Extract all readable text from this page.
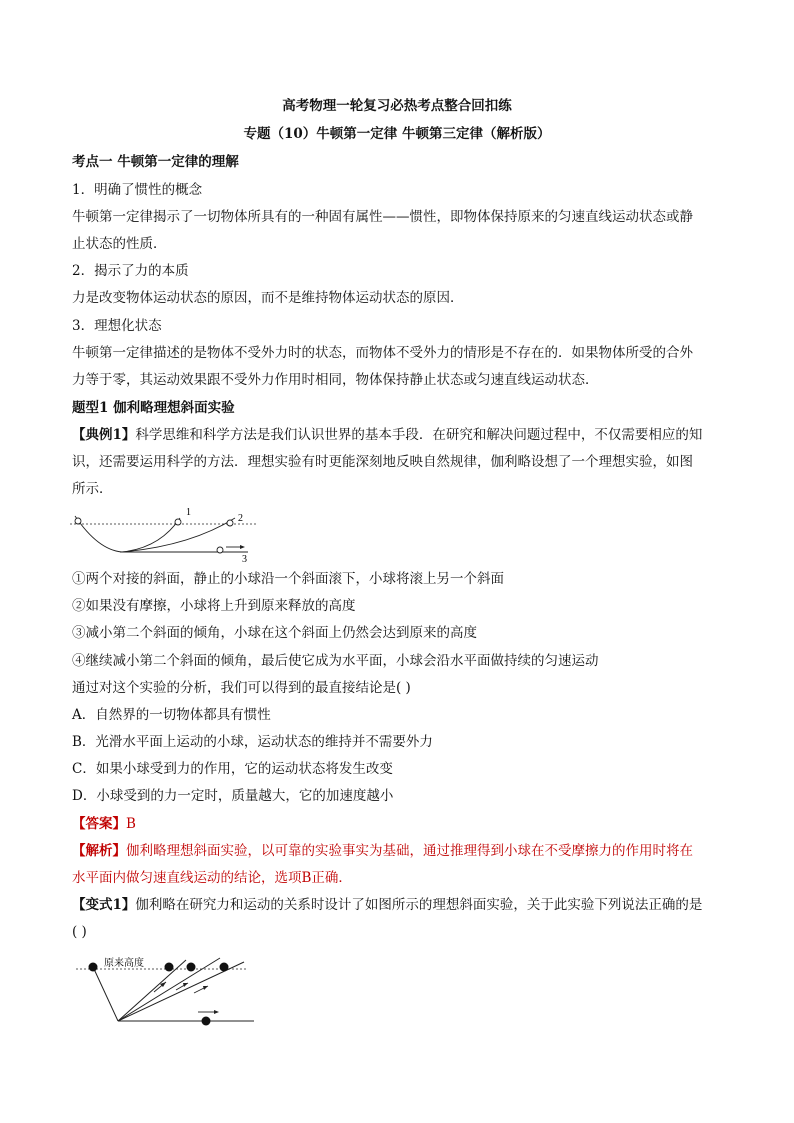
高考物理一轮复习必热考点整合回扣练
专题（10）牛顿第一定律 牛顿第三定律（解析版）
考点一 牛顿第一定律的理解
1．明确了惯性的概念
牛顿第一定律揭示了一切物体所具有的一种固有属性——惯性，即物体保持原来的匀速直线运动状态或静
止状态的性质．
2．揭示了力的本质
力是改变物体运动状态的原因，而不是维持物体运动状态的原因．
3．理想化状态
牛顿第一定律描述的是物体不受外力时的状态，而物体不受外力的情形是不存在的．如果物体所受的合外
力等于零，其运动效果跟不受外力作用时相同，物体保持静止状态或匀速直线运动状态．
题型1 伽利略理想斜面实验
【典例1】科学思维和科学方法是我们认识世界的基本手段．在研究和解决问题过程中，不仅需要相应的知
识，还需要运用科学的方法．理想实验有时更能深刻地反映自然规律，伽利略设想了一个理想实验，如图
所示．
1
2
3
①两个对接的斜面，静止的小球沿一个斜面滚下，小球将滚上另一个斜面
②如果没有摩擦，小球将上升到原来释放的高度
③减小第二个斜面的倾角，小球在这个斜面上仍然会达到原来的高度
④继续减小第二个斜面的倾角，最后使它成为水平面，小球会沿水平面做持续的匀速运动
通过对这个实验的分析，我们可以得到的最直接结论是( )
A．自然界的一切物体都具有惯性
B．光滑水平面上运动的小球，运动状态的维持并不需要外力
C．如果小球受到力的作用，它的运动状态将发生改变
D．小球受到的力一定时，质量越大，它的加速度越小
【答案】B
【解析】伽利略理想斜面实验，以可靠的实验事实为基础，通过推理得到小球在不受摩擦力的作用时将在
水平面内做匀速直线运动的结论，选项B正确．
【变式1】伽利略在研究力和运动的关系时设计了如图所示的理想斜面实验，关于此实验下列说法正确的是
( )
原来高度
